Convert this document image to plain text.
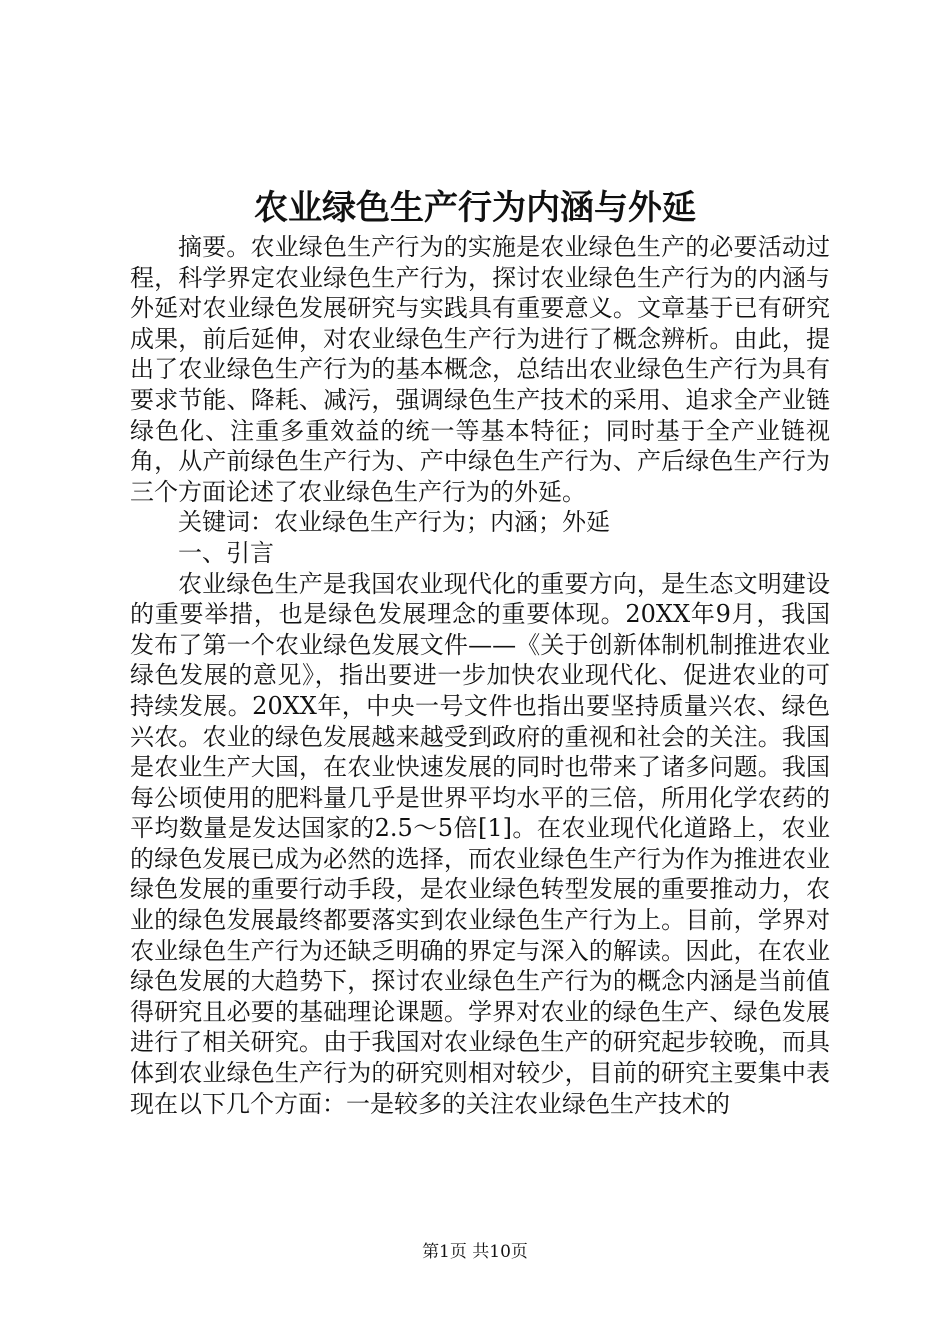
农业绿色生产行为内涵与外延

摘要。农业绿色生产行为的实施是农业绿色生产的必要活动过程，科学界定农业绿色生产行为，探讨农业绿色生产行为的内涵与外延对农业绿色发展研究与实践具有重要意义。文章基于已有研究成果，前后延伸，对农业绿色生产行为进行了概念辨析。由此，提出了农业绿色生产行为的基本概念，总结出农业绿色生产行为具有要求节能、降耗、减污，强调绿色生产技术的采用、追求全产业链绿色化、注重多重效益的统一等基本特征；同时基于全产业链视角，从产前绿色生产行为、产中绿色生产行为、产后绿色生产行为三个方面论述了农业绿色生产行为的外延。

关键词：农业绿色生产行为；内涵；外延

一、引言

农业绿色生产是我国农业现代化的重要方向，是生态文明建设的重要举措，也是绿色发展理念的重要体现。20XX年9月，我国发布了第一个农业绿色发展文件——《关于创新体制机制推进农业绿色发展的意见》，指出要进一步加快农业现代化、促进农业的可持续发展。20XX年，中央一号文件也指出要坚持质量兴农、绿色兴农。农业的绿色发展越来越受到政府的重视和社会的关注。我国是农业生产大国，在农业快速发展的同时也带来了诸多问题。我国每公顷使用的肥料量几乎是世界平均水平的三倍，所用化学农药的平均数量是发达国家的2.5～5倍[1]。在农业现代化道路上，农业的绿色发展已成为必然的选择，而农业绿色生产行为作为推进农业绿色发展的重要行动手段，是农业绿色转型发展的重要推动力，农业的绿色发展最终都要落实到农业绿色生产行为上。目前，学界对农业绿色生产行为还缺乏明确的界定与深入的解读。因此，在农业绿色发展的大趋势下，探讨农业绿色生产行为的概念内涵是当前值得研究且必要的基础理论课题。学界对农业的绿色生产、绿色发展进行了相关研究。由于我国对农业绿色生产的研究起步较晚，而具体到农业绿色生产行为的研究则相对较少，目前的研究主要集中表现在以下几个方面：一是较多的关注农业绿色生产技术的

第1页 共10页
